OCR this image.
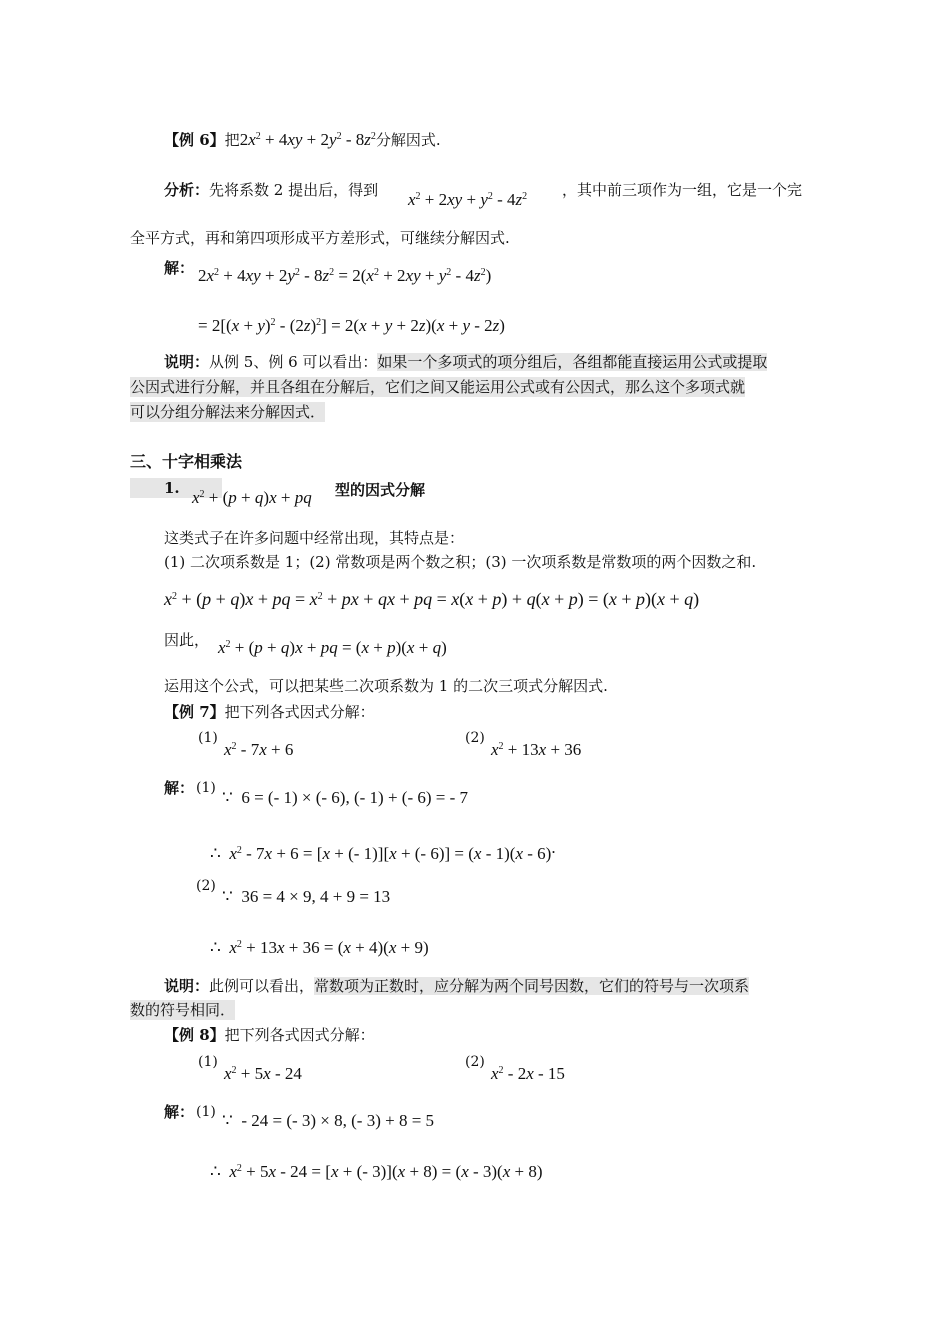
【例 6】把$2x^2 + 4xy + 2y^2 - 8z^2$分解因式.
分析：先将系数 2 提出后，得到 $x^2 + 2xy + y^2 - 4z^2$ ，其中前三项作为一组，它是一个完
全平方式，再和第四项形成平方差形式，可继续分解因式.
解： $2x^2 + 4xy + 2y^2 - 8z^2 = 2(x^2 + 2xy + y^2 - 4z^2)$
= $2[(x + y)^2 - (2z)^2] = 2(x + y + 2z)(x + y - 2z)$
说明：从例 5、例 6 可以看出：如果一个多项式的项分组后，各组都能直接运用公式或提取
公因式进行分解，并且各组在分解后，它们之间又能运用公式或有公因式，那么这个多项式就
可以分组分解法来分解因式．
三、十字相乘法
1. $x^2 + (p + q)x$ + pq 型的因式分解
这类式子在许多问题中经常出现，其特点是：
(1) 二次项系数是 1；(2) 常数项是两个数之积；(3) 一次项系数是常数项的两个因数之和.
$x^2 + (p + q)x$ + pq = $x^2$ + px + qx + pq = x(x + p) + q(x + p) = (x + p)(x + q)
因此， $x^2 + (p + q)x$ + pq = (x + p)(x + q)
运用这个公式，可以把某些二次项系数为 1 的二次三项式分解因式.
【例 7】把下列各式因式分解：
(1)
$x^2 - 7x + 6$
(2)
$x^2 + 13x + 36$
解： (1) ∵  6 = (- 1) × (- 6), (- 1) + (- 6) = - 7
∴  $x^2 - 7x + 6 = [x$ + (- 1)][x + (- 6)] = (x - 1)(x - 6).
(2)
∵  36 = 4 × 9, 4 + 9 = 13
∴  $x^2 + 13x + 36 = (x + 4)(x + 9)$
说明：此例可以看出，常数项为正数时，应分解为两个同号因数，它们的符号与一次项系
数的符号相同．
【例 8】把下列各式因式分解：
(1)
$x^2 + 5x - 24$
(2)
$x^2 - 2x - 15$
解： (1) ∵  - 24 = (- 3) × 8, (- 3) + 8 = 5
∴  $x^2 + 5x - 24 = [x$ + (- 3)](x + 8) = (x - 3)(x + 8)
